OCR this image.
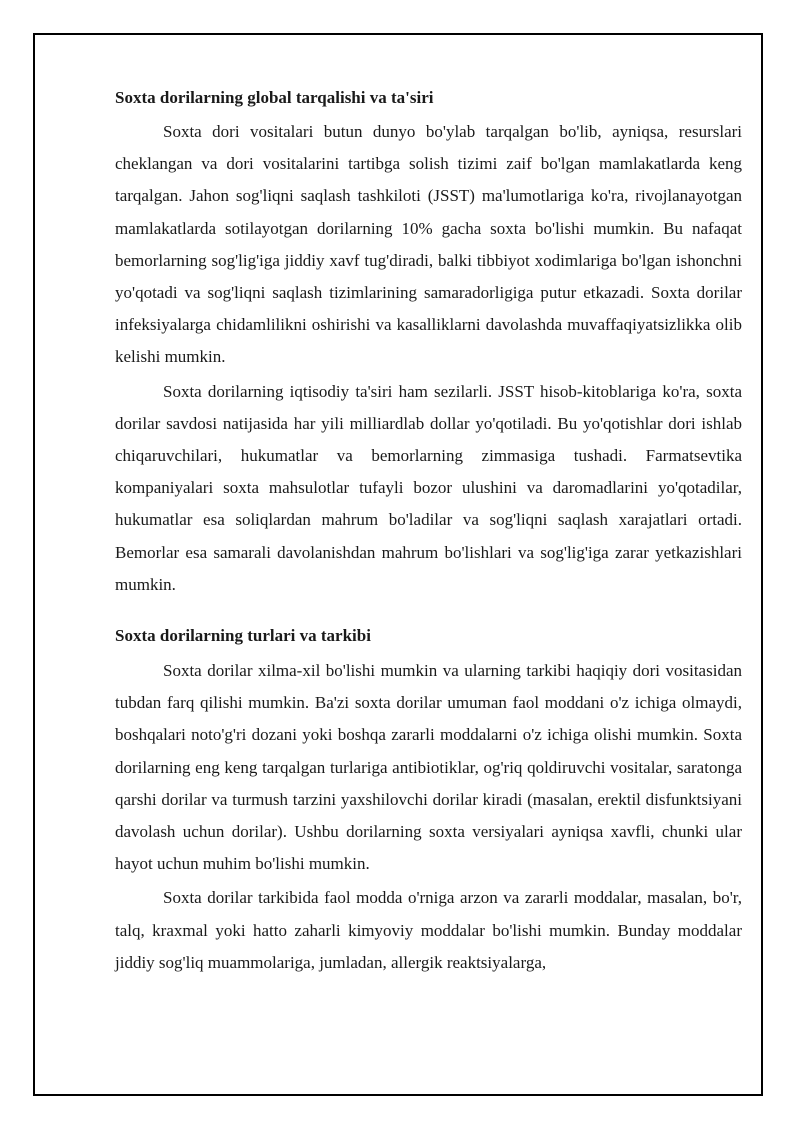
Soxta dorilarning global tarqalishi va ta'siri

Soxta dori vositalari butun dunyo bo'ylab tarqalgan bo'lib, ayniqsa, resurslari cheklangan va dori vositalarini tartibga solish tizimi zaif bo'lgan mamlakatlarda keng tarqalgan. Jahon sog'liqni saqlash tashkiloti (JSST) ma'lumotlariga ko'ra, rivojlanayotgan mamlakatlarda sotilayotgan dorilarning 10% gacha soxta bo'lishi mumkin. Bu nafaqat bemorlarning sog'lig'iga jiddiy xavf tug'diradi, balki tibbiyot xodimlariga bo'lgan ishonchni yo'qotadi va sog'liqni saqlash tizimlarining samaradorligiga putur etkazadi. Soxta dorilar infeksiyalarga chidamlilikni oshirishi va kasalliklarni davolashda muvaffaqiyatsizlikka olib kelishi mumkin.

Soxta dorilarning iqtisodiy ta'siri ham sezilarli. JSST hisob-kitoblariga ko'ra, soxta dorilar savdosi natijasida har yili milliardlab dollar yo'qotiladi. Bu yo'qotishlar dori ishlab chiqaruvchilari, hukumatlar va bemorlarning zimmasiga tushadi. Farmatsevtika kompaniyalari soxta mahsulotlar tufayli bozor ulushini va daromadlarini yo'qotadilar, hukumatlar esa soliqlardan mahrum bo'ladilar va sog'liqni saqlash xarajatlari ortadi. Bemorlar esa samarali davolanishdan mahrum bo'lishlari va sog'lig'iga zarar yetkazishlari mumkin.

Soxta dorilarning turlari va tarkibi

Soxta dorilar xilma-xil bo'lishi mumkin va ularning tarkibi haqiqiy dori vositasidan tubdan farq qilishi mumkin. Ba'zi soxta dorilar umuman faol moddani o'z ichiga olmaydi, boshqalari noto'g'ri dozani yoki boshqa zararli moddalarni o'z ichiga olishi mumkin. Soxta dorilarning eng keng tarqalgan turlariga antibiotiklar, og'riq qoldiruvchi vositalar, saratonga qarshi dorilar va turmush tarzini yaxshilovchi dorilar kiradi (masalan, erektil disfunktsiyani davolash uchun dorilar). Ushbu dorilarning soxta versiyalari ayniqsa xavfli, chunki ular hayot uchun muhim bo'lishi mumkin.

Soxta dorilar tarkibida faol modda o'rniga arzon va zararli moddalar, masalan, bo'r, talq, kraxmal yoki hatto zaharli kimyoviy moddalar bo'lishi mumkin. Bunday moddalar jiddiy sog'liq muammolariga, jumladan, allergik reaktsiyalarga,
